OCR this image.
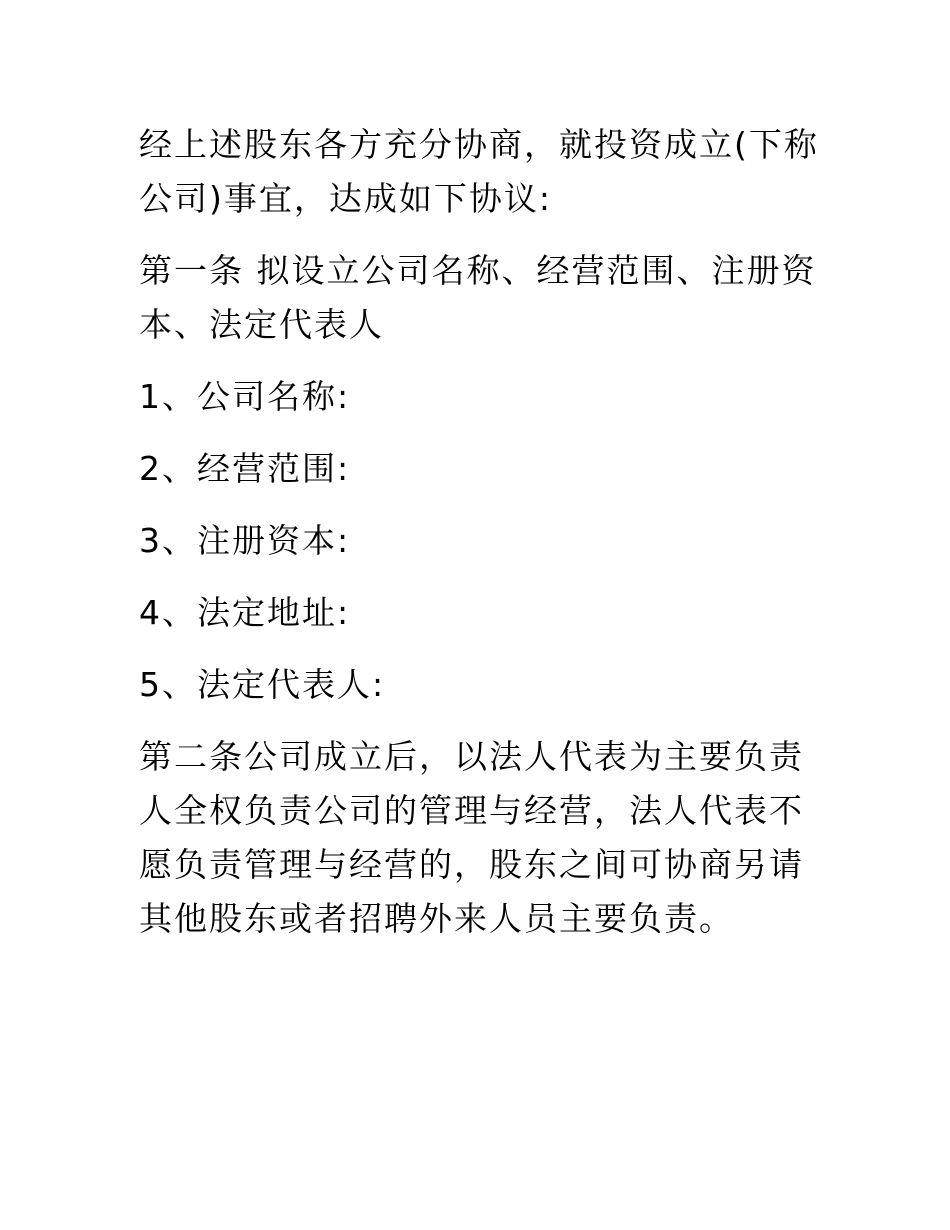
经上述股东各方充分协商，就投资成立(下称公司)事宜，达成如下协议:

第一条 拟设立公司名称、经营范围、注册资本、法定代表人

1、公司名称:

2、经营范围:

3、注册资本:

4、法定地址:

5、法定代表人:

第二条公司成立后，以法人代表为主要负责人全权负责公司的管理与经营，法人代表不愿负责管理与经营的，股东之间可协商另请其他股东或者招聘外来人员主要负责。
